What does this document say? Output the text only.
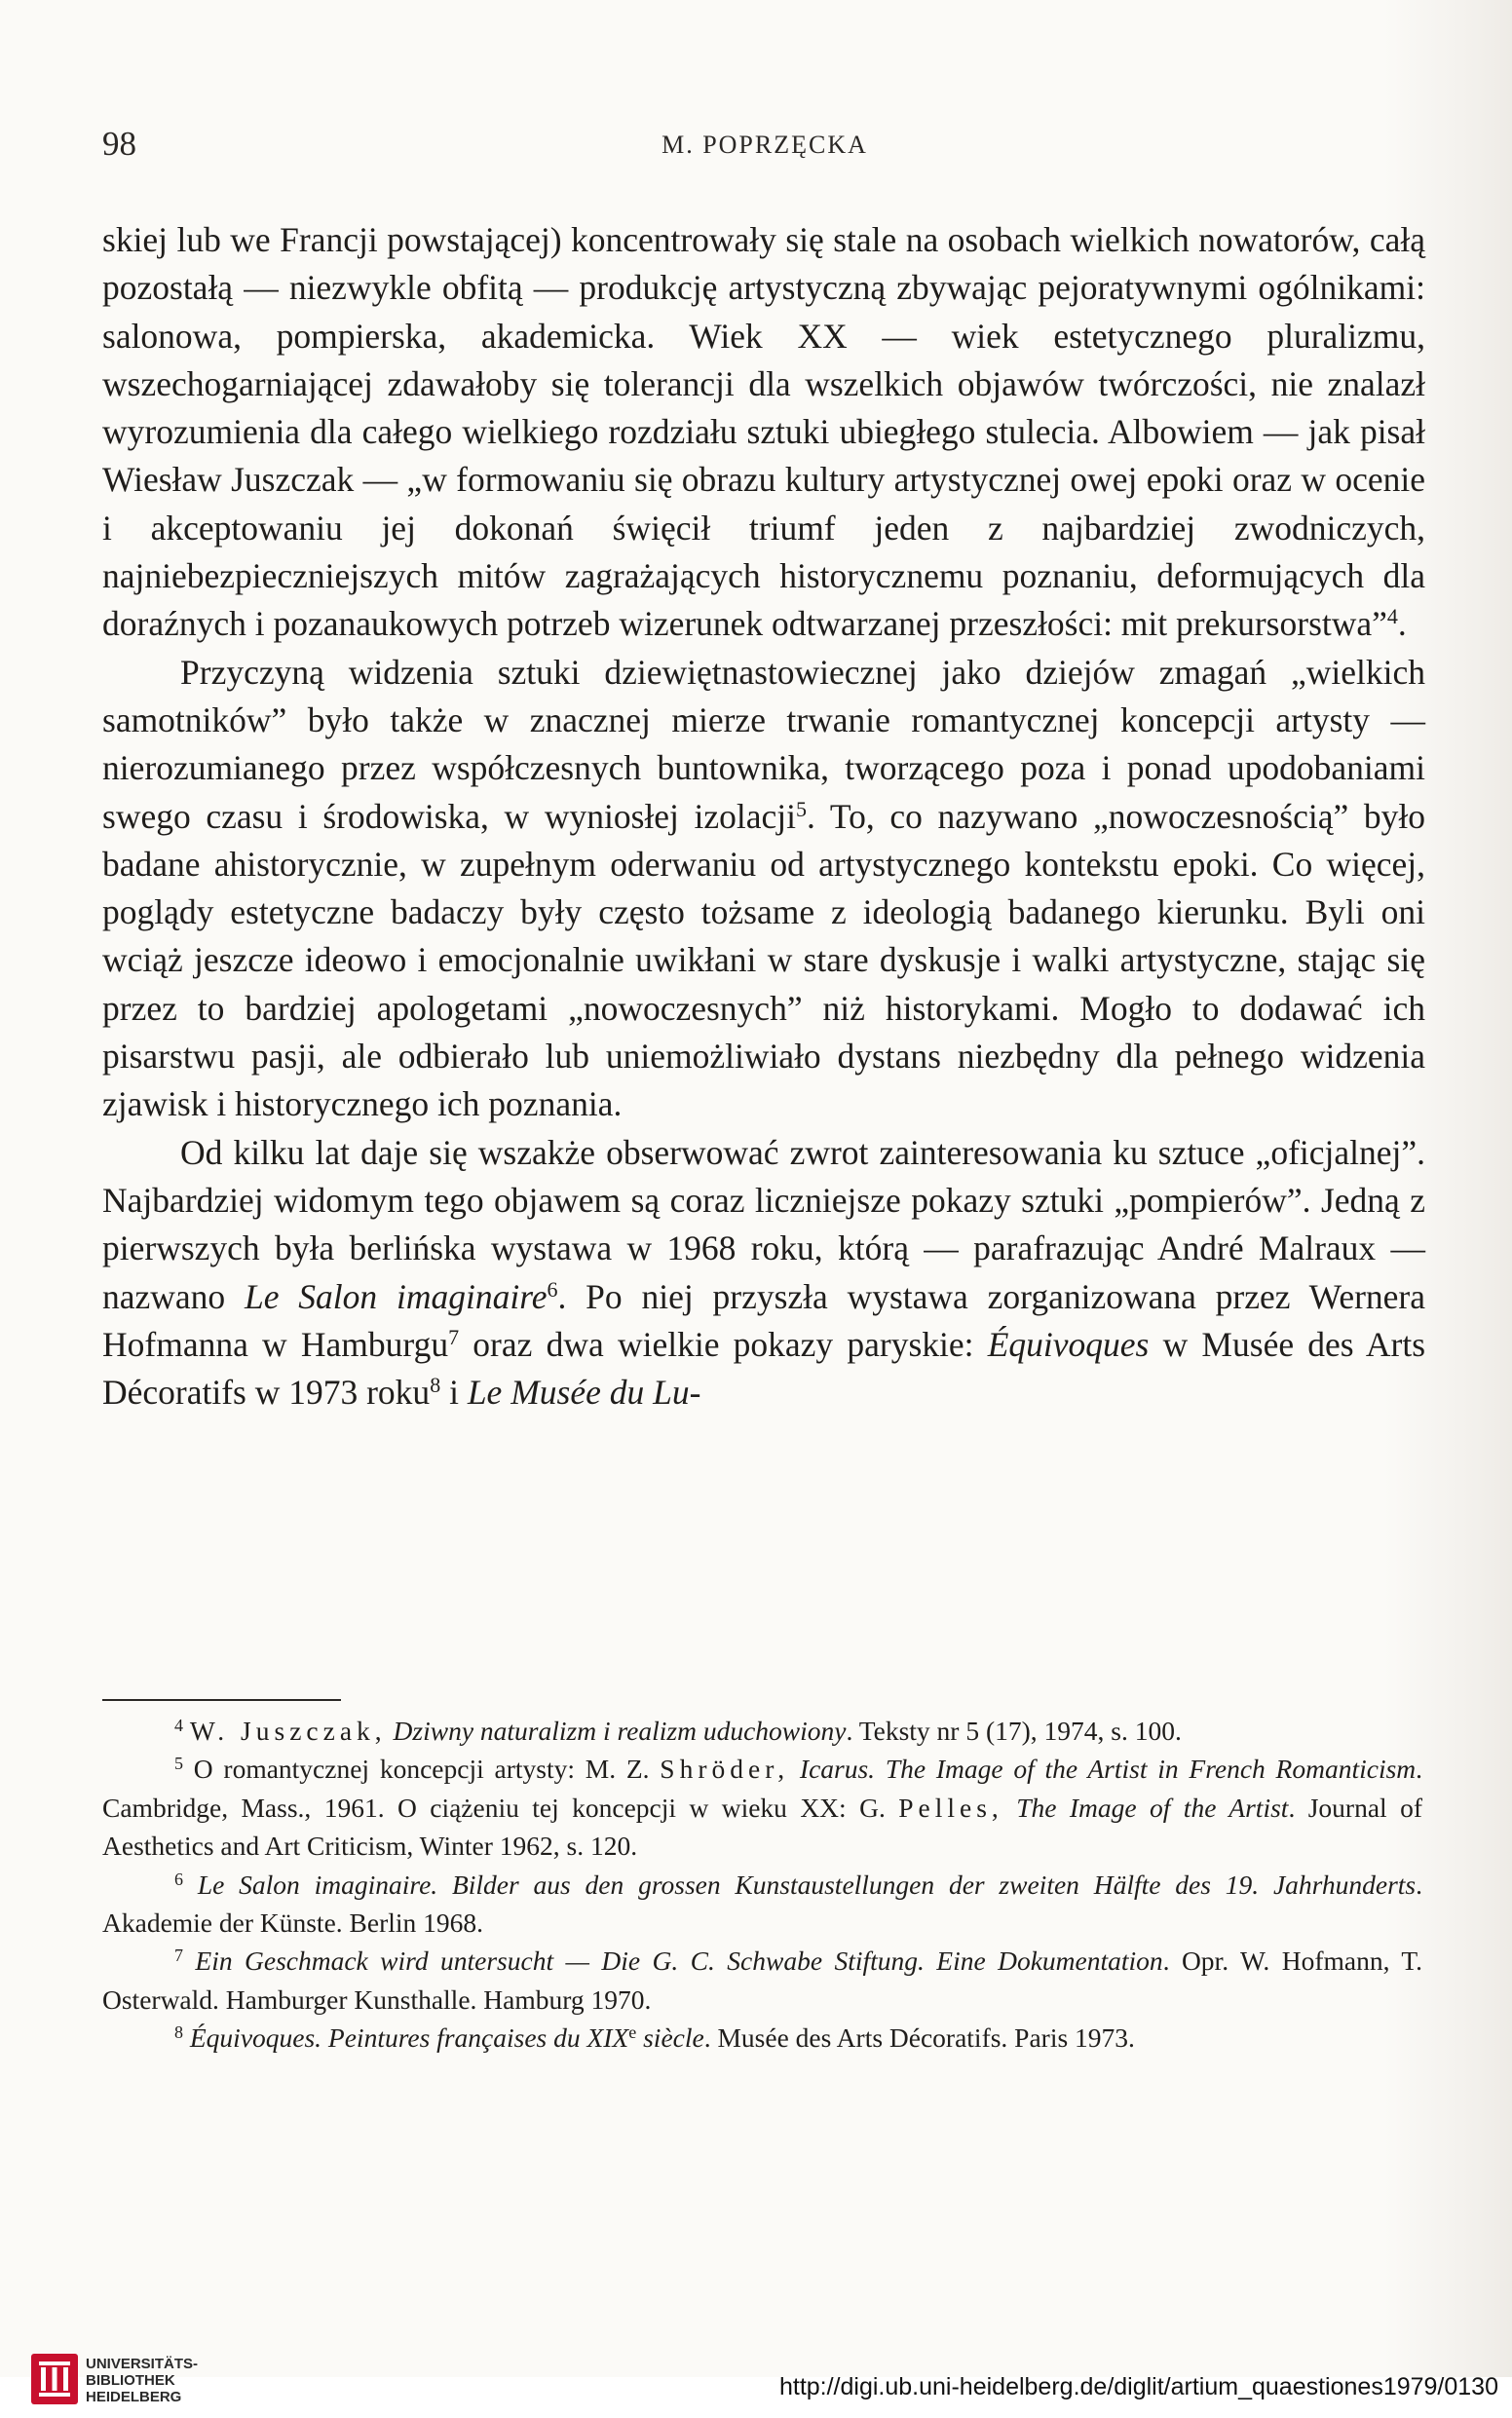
98	M. POPRZĘCKA

skiej lub we Francji powstającej) koncentrowały się stale na osobach wielkich nowatorów, całą pozostałą — niezwykle obfitą — produkcję artystyczną zbywając pejoratywnymi ogólnikami: salonowa, pompierska, akademicka. Wiek XX — wiek estetycznego pluralizmu, wszechogarniającej zdawałoby się tolerancji dla wszelkich objawów twórczości, nie znalazł wyrozumienia dla całego wielkiego rozdziału sztuki ubiegłego stulecia. Albowiem — jak pisał Wiesław Juszczak — „w formowaniu się obrazu kultury artystycznej owej epoki oraz w ocenie i akceptowaniu jej dokonań święcił triumf jeden z najbardziej zwodniczych, najniebezpieczniejszych mitów zagrażających historycznemu poznaniu, deformujących dla doraźnych i pozanaukowych potrzeb wizerunek odtwarzanej przeszłości: mit prekursorstwa”$^4$.

Przyczyną widzenia sztuki dziewiętnastowiecznej jako dziejów zmagań „wielkich samotników” było także w znacznej mierze trwanie romantycznej koncepcji artysty — nierozumianego przez współczesnych buntownika, tworzącego poza i ponad upodobaniami swego czasu i środowiska, w wyniosłej izolacji$^5$. To, co nazywano „nowoczesnością” było badane ahistorycznie, w zupełnym oderwaniu od artystycznego kontekstu epoki. Co więcej, poglądy estetyczne badaczy były często tożsame z ideologią badanego kierunku. Byli oni wciąż jeszcze ideowo i emocjonalnie uwikłani w stare dyskusje i walki artystyczne, stając się przez to bardziej apologetami „nowoczesnych” niż historykami. Mogło to dodawać ich pisarstwu pasji, ale odbierało lub uniemożliwiało dystans niezbędny dla pełnego widzenia zjawisk i historycznego ich poznania.

Od kilku lat daje się wszakże obserwować zwrot zainteresowania ku sztuce „oficjalnej”. Najbardziej widomym tego objawem są coraz liczniejsze pokazy sztuki „pompierów”. Jedną z pierwszych była berlińska wystawa w 1968 roku, którą — parafrazując André Malraux — nazwano Le Salon imaginaire$^6$. Po niej przyszła wystawa zorganizowana przez Wernera Hofmanna w Hamburgu$^7$ oraz dwa wielkie pokazy paryskie: Équivoques w Musée des Arts Décoratifs w 1973 roku$^8$ i Le Musée du Lu-

$^4$ W. Juszczak, Dziwny naturalizm i realizm uduchowiony. Teksty nr 5 (17), 1974, s. 100.

$^5$ O romantycznej koncepcji artysty: M. Z. Shröder, Icarus. The Image of the Artist in French Romanticism. Cambridge, Mass., 1961. O ciążeniu tej koncepcji w wieku XX: G. Pelles, The Image of the Artist. Journal of Aesthetics and Art Criticism, Winter 1962, s. 120.

$^6$ Le Salon imaginaire. Bilder aus den grossen Kunstaustellungen der zweiten Hälfte des 19. Jahrhunderts. Akademie der Künste. Berlin 1968.

$^7$ Ein Geschmack wird untersucht — Die G. C. Schwabe Stiftung. Eine Dokumentation. Opr. W. Hofmann, T. Osterwald. Hamburger Kunsthalle. Hamburg 1970.

$^8$ Équivoques. Peintures françaises du XIXe siècle. Musée des Arts Décoratifs. Paris 1973.

UNIVERSITÄTS-
BIBLIOTHEK
HEIDELBERG	http://digi.ub.uni-heidelberg.de/diglit/artium_quaestiones1979/0130
